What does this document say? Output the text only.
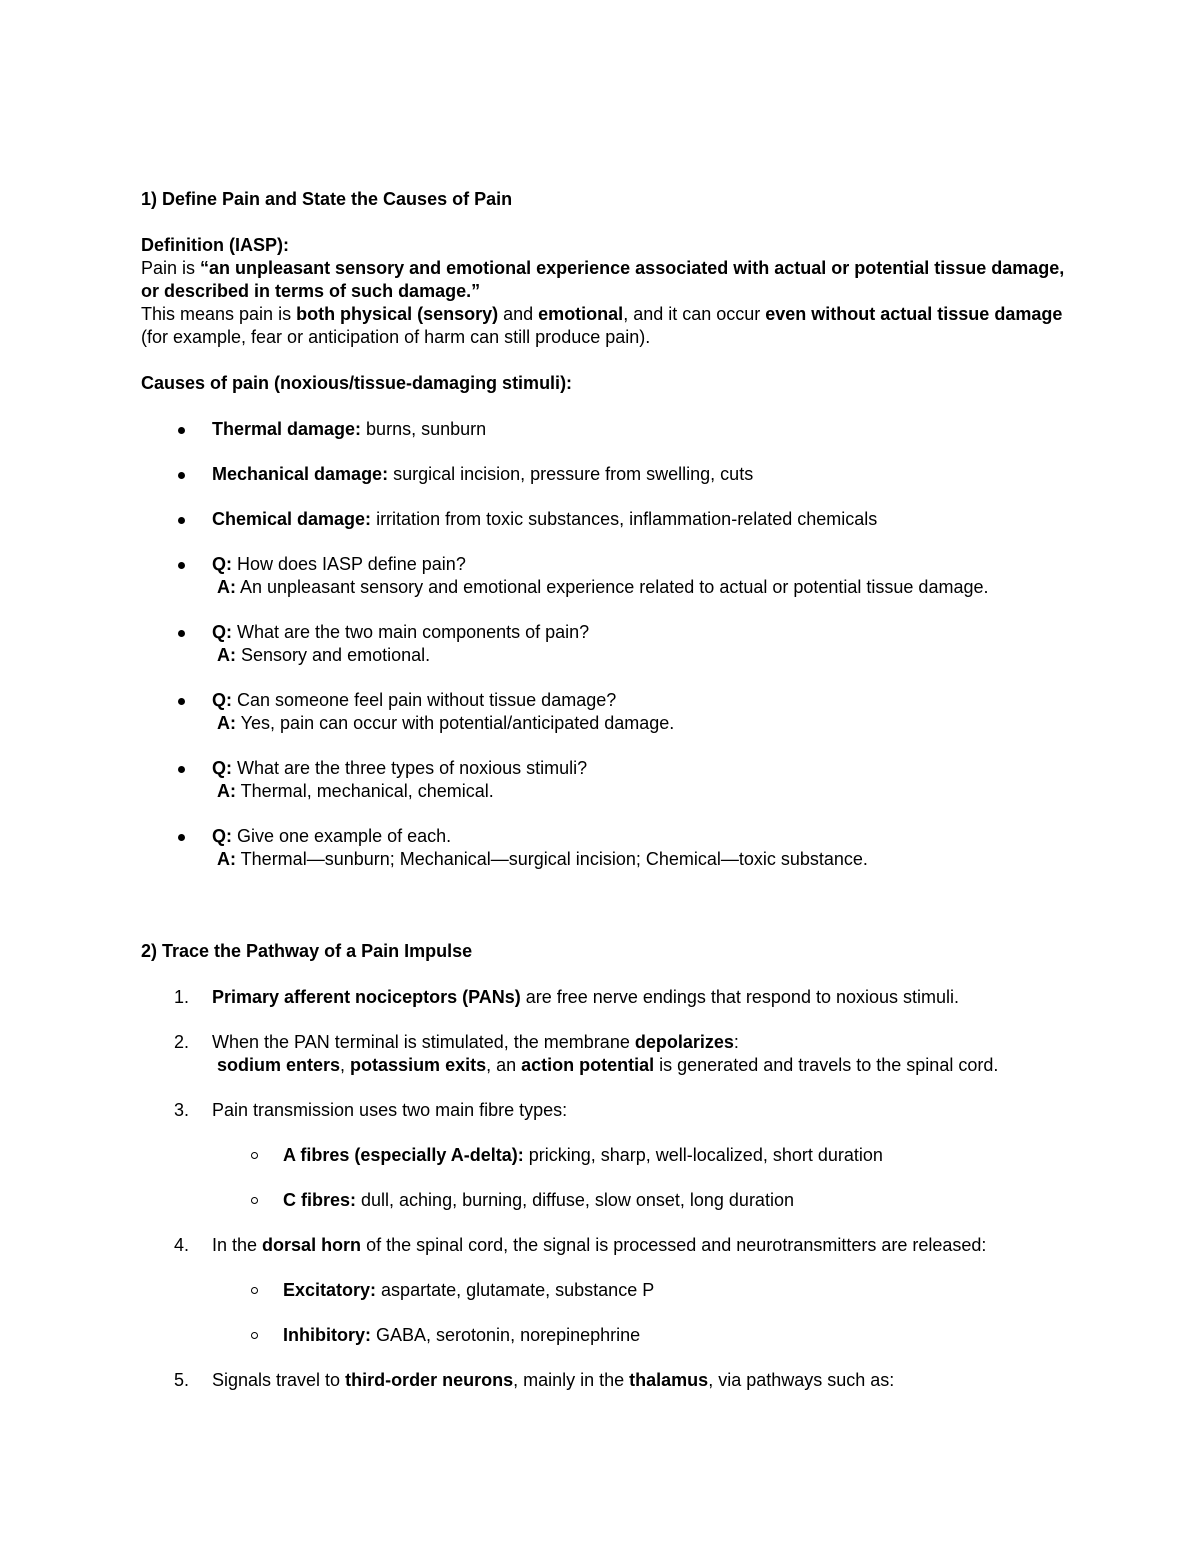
1) Define Pain and State the Causes of Pain

Definition (IASP):

Pain is “an unpleasant sensory and emotional experience associated with actual or potential tissue damage, or described in terms of such damage.”

This means pain is both physical (sensory) and emotional, and it can occur even without actual tissue damage (for example, fear or anticipation of harm can still produce pain).

Causes of pain (noxious/tissue-damaging stimuli):

Thermal damage: burns, sunburn
Mechanical damage: surgical incision, pressure from swelling, cuts
Chemical damage: irritation from toxic substances, inflammation-related chemicals
Q: How does IASP define pain?
A: An unpleasant sensory and emotional experience related to actual or potential tissue damage.
Q: What are the two main components of pain?
A: Sensory and emotional.
Q: Can someone feel pain without tissue damage?
A: Yes, pain can occur with potential/anticipated damage.
Q: What are the three types of noxious stimuli?
A: Thermal, mechanical, chemical.
Q: Give one example of each.
A: Thermal—sunburn; Mechanical—surgical incision; Chemical—toxic substance.

2) Trace the Pathway of a Pain Impulse

1. Primary afferent nociceptors (PANs) are free nerve endings that respond to noxious stimuli.
2. When the PAN terminal is stimulated, the membrane depolarizes:
sodium enters, potassium exits, an action potential is generated and travels to the spinal cord.
3. Pain transmission uses two main fibre types:
A fibres (especially A-delta): pricking, sharp, well-localized, short duration
C fibres: dull, aching, burning, diffuse, slow onset, long duration
4. In the dorsal horn of the spinal cord, the signal is processed and neurotransmitters are released:
Excitatory: aspartate, glutamate, substance P
Inhibitory: GABA, serotonin, norepinephrine
5. Signals travel to third-order neurons, mainly in the thalamus, via pathways such as:
